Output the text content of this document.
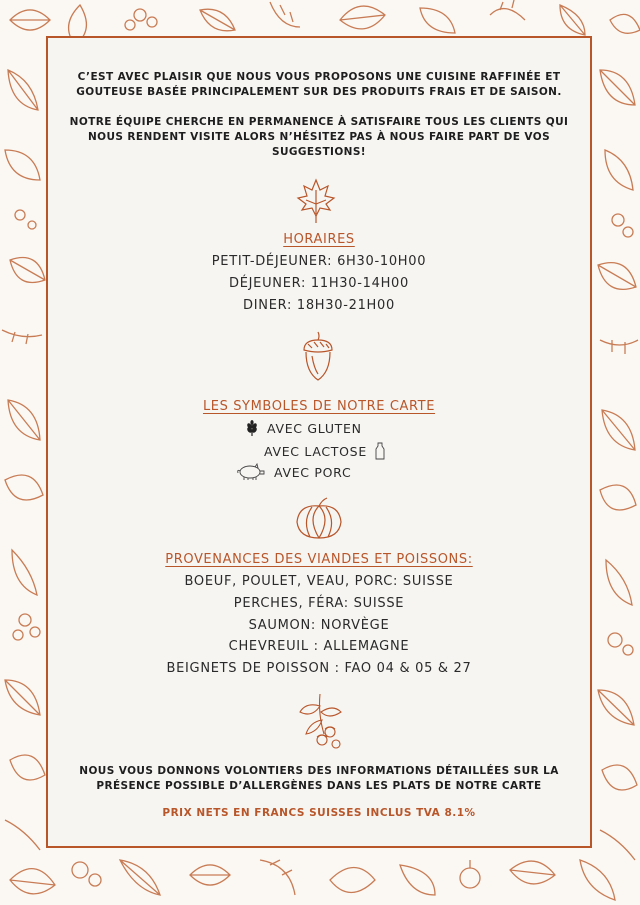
C’EST AVEC PLAISIR QUE NOUS VOUS PROPOSONS UNE CUISINE RAFFINÉE ET GOUTEUSE BASÉE PRINCIPALEMENT SUR DES PRODUITS FRAIS ET DE SAISON.

NOTRE ÉQUIPE CHERCHE EN PERMANENCE À SATISFAIRE TOUS LES CLIENTS QUI NOUS RENDENT VISITE ALORS N’HÉSITEZ PAS À NOUS FAIRE PART DE VOS SUGGESTIONS!

HORAIRES
PETIT-DÉJEUNER: 6H30-10H00
DÉJEUNER: 11H30-14H00
DINER: 18H30-21H00
LES SYMBOLES DE NOTRE CARTE
AVEC GLUTEN
AVEC LACTOSE
AVEC PORC
PROVENANCES DES VIANDES ET POISSONS:
BOEUF, POULET, VEAU, PORC: SUISSE
PERCHES, FÉRA: SUISSE
SAUMON: NORVÈGE
CHEVREUIL : ALLEMAGNE
BEIGNETS DE POISSON : FAO 04 & 05 & 27

NOUS VOUS DONNONS VOLONTIERS DES INFORMATIONS DÉTAILLÉES SUR LA PRÉSENCE POSSIBLE D’ALLERGÈNES DANS LES PLATS DE NOTRE CARTE

PRIX NETS EN FRANCS SUISSES INCLUS TVA 8.1%
